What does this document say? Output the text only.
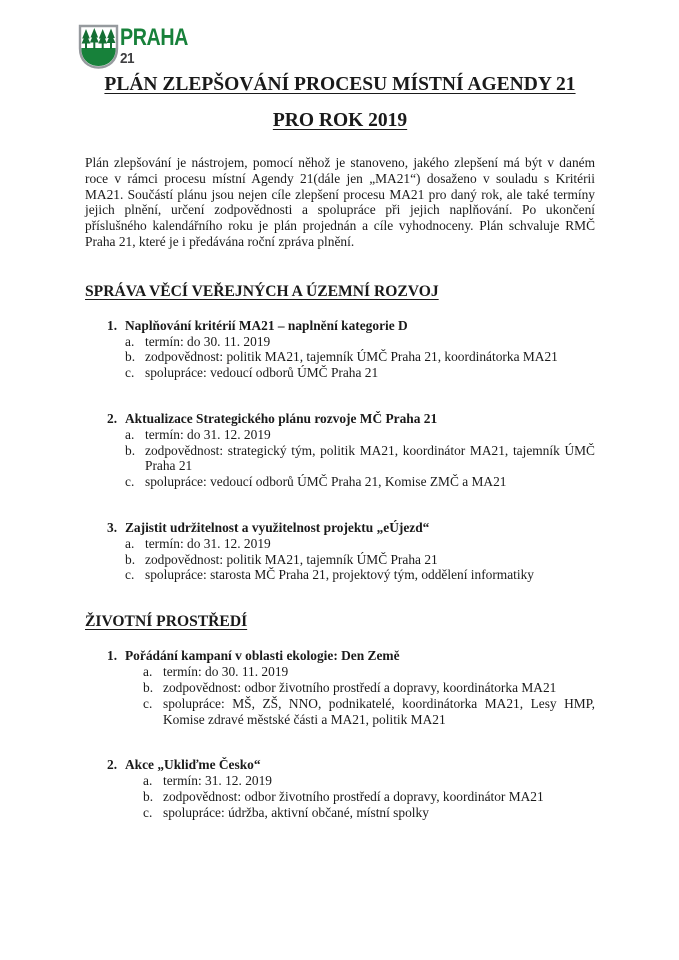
PRAHA
21
PLÁN ZLEPŠOVÁNÍ PROCESU MÍSTNÍ AGENDY 21
PRO ROK 2019

Plán zlepšování je nástrojem, pomocí něhož je stanoveno, jakého zlepšení má být v daném roce v rámci procesu místní Agendy 21(dále jen „MA21“) dosaženo v souladu s Kritérii MA21. Součástí plánu jsou nejen cíle zlepšení procesu MA21 pro daný rok, ale také termíny jejich plnění, určení zodpovědnosti a spolupráce při jejich naplňování. Po ukončení příslušného kalendářního roku je plán projednán a cíle vyhodnoceny. Plán schvaluje RMČ Praha 21, které je i předávána roční zpráva plnění.

SPRÁVA VĚCÍ VEŘEJNÝCH A ÚZEMNÍ ROZVOJ
1. Naplňování kritérií MA21 – naplnění kategorie D
a. termín: do 30. 11. 2019
b. zodpovědnost: politik MA21, tajemník ÚMČ Praha 21, koordinátorka MA21
c. spolupráce: vedoucí odborů ÚMČ Praha 21
2. Aktualizace Strategického plánu rozvoje MČ Praha 21
a. termín: do 31. 12. 2019
b. zodpovědnost: strategický tým, politik MA21, koordinátor MA21, tajemník ÚMČ Praha 21
c. spolupráce: vedoucí odborů ÚMČ Praha 21, Komise ZMČ a MA21
3. Zajistit udržitelnost a využitelnost projektu „eÚjezd“
a. termín: do 31. 12. 2019
b. zodpovědnost: politik MA21, tajemník ÚMČ Praha 21
c. spolupráce: starosta MČ Praha 21, projektový tým, oddělení informatiky
ŽIVOTNÍ PROSTŘEDÍ
1. Pořádání kampaní v oblasti ekologie: Den Země
a. termín: do 30. 11. 2019
b. zodpovědnost: odbor životního prostředí a dopravy, koordinátorka MA21
c. spolupráce: MŠ, ZŠ, NNO, podnikatelé, koordinátorka MA21, Lesy HMP, Komise zdravé městské části a MA21, politik MA21
2. Akce „Ukliďme Česko“
a. termín: 31. 12. 2019
b. zodpovědnost: odbor životního prostředí a dopravy, koordinátor MA21
c. spolupráce: údržba, aktivní občané, místní spolky
